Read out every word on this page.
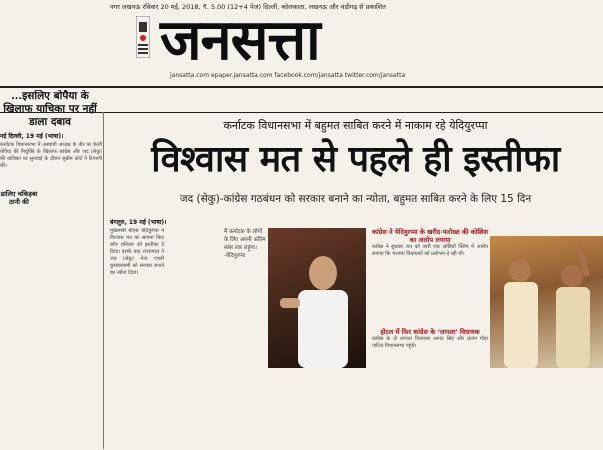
नगर लखनऊ रविवार 20 मई, 2018, ₹. 5.00 (12+4 पेज) दिल्ली, कोलकाता, लखनऊ और चंडीगढ़ से प्रकाशित
जनसत्ता
jansatta.com epaper.jansatta.com facebook.com/jansatta twitter.com/jansatta
...इसलिए बोपैया के खिलाफ याचिका पर नहीं डाला दबाव
नई दिल्ली, 19 मई (भाषा)।
कर्नाटक विधानसभा में अस्थायी अध्यक्ष के तौर पर केजी बोपैया की नियुक्ति के खिलाफ कांग्रेस और जद (सेकु) की याचिका पर सुनवाई के दौरान सुप्रीम कोर्ट ने टिप्पणी की।
डालिए चकिहबा ठानी की
कर्नाटक विधानसभा में बहुमत साबित करने में नाकाम रहे येदियुरप्पा
विश्वास मत से पहले ही इस्तीफा
जद (सेकु)-कांग्रेस गठबंधन को सरकार बनाने का न्योता, बहुमत साबित करने के लिए 15 दिन
बंगलुरु, 19 मई (भाषा)।
मुख्यमंत्री बीएस येदियुरप्पा ने विश्वास मत का सामना किए बगैर शनिवार को इस्तीफा दे दिया। इसके बाद राज्यपाल ने जद (सेकु) नेता एचडी कुमारस्वामी को सरकार बनाने का न्योता दिया।
मैं कर्नाटक के लोगों के लिए अपनी अंतिम सांस तक लड़ूंगा। -येदियुरप्पा
कांग्रेस ने येदियुरप्पा के खरीद-फरोख्त की कोशिश का आरोप लगाया
कांग्रेस ने बुधवार रात को जारी एक ऑडियो क्लिप में आरोप लगाया कि भाजपा विधायकों को प्रलोभन दे रही थी।
होटल में फिर कांग्रेस के ‘लापता’ विधायक
कांग्रेस के दो लापता विधायक आनंद सिंह और प्रताप गौड़ा पाटिल विधानसभा पहुंचे।
